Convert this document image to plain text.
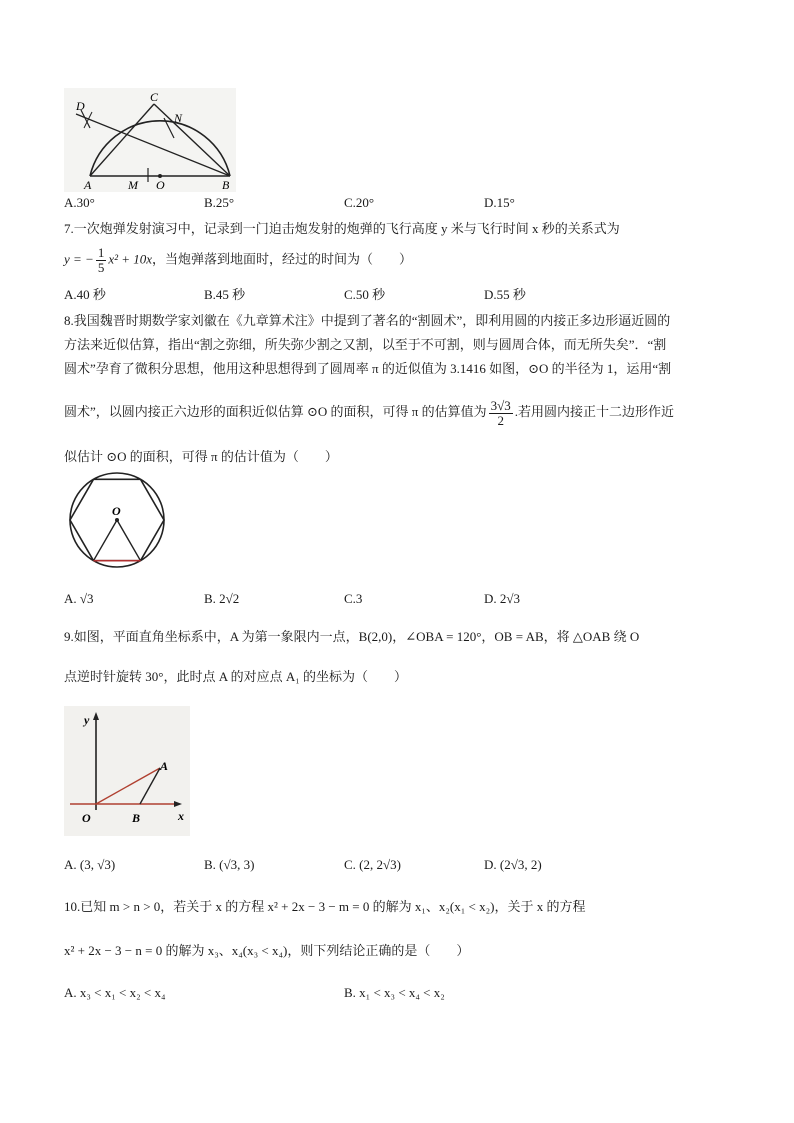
D
C
N
A	M O	B
A.30°	B.25°	C.20°	D.15°
7.一次炮弹发射演习中，记录到一门迫击炮发射的炮弹的飞行高度 y 米与飞行时间 x 秒的关系式为
y = − $\frac{1}{5} x^2 + 10x$，当炮弹落到地面时，经过的时间为（　　）
A.40 秒	B.45 秒	C.50 秒	D.55 秒
8.我国魏晋时期数学家刘徽在《九章算术注》中提到了著名的“割圆术”，即利用圆的内接正多边形逼近圆的
方法来近似估算，指出“割之弥细，所失弥少割之又割，以至于不可割，则与圆周合体，而无所失矣”．“割
圆术”孕育了微积分思想，他用这种思想得到了圆周率 π 的近似值为 3.1416 如图，⊙O 的半径为 1，运用“割
圆术”，以圆内接正六边形的面积近似估算 ⊙O 的面积，可得 π 的估算值为 $\frac{3√3}{2}$ .若用圆内接正十二边形作近
似估计 ⊙O 的面积，可得 π 的估计值为（　　）
O
A. √3	B. 2√2	C.3	D. 2√3
9.如图，平面直角坐标系中，A 为第一象限内一点，B(2,0)，∠OBA = 120°，OB = AB，将 △OAB 绕 O
点逆时针旋转 30°，此时点 A 的对应点 A₁ 的坐标为（　　）
y
x
O	B
A
A. (3, √3)	B. (√3, 3)	C. (2, 2√3)	D. (2√3, 2)
10.已知 m > n > 0，若关于 x 的方程 x² + 2x − 3 − m = 0 的解为 x₁、x₂(x₁ < x₂)，关于 x 的方程
x² + 2x − 3 − n = 0 的解为 x₃、x₄(x₃ < x₄)，则下列结论正确的是（　　）
A. x₃ < x₁ < x₂ < x₄	B. x₁ < x₃ < x₄ < x₂
